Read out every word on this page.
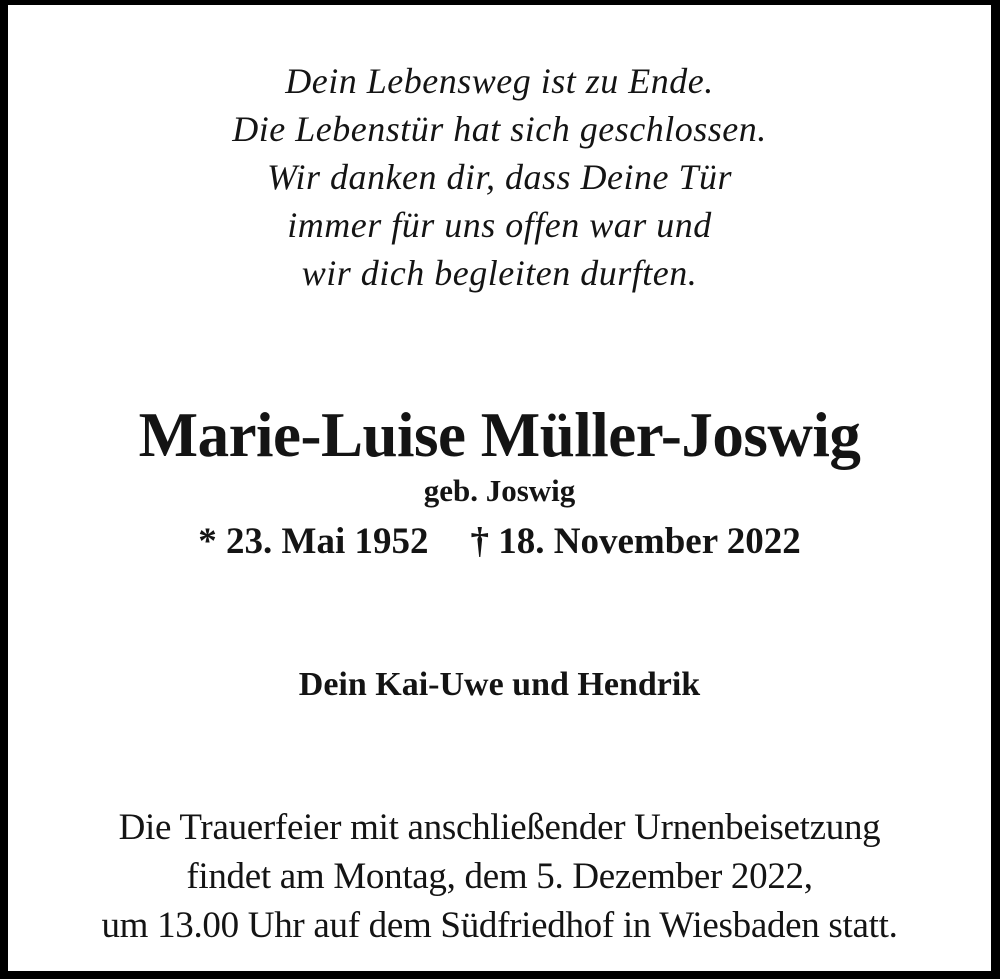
Dein Lebensweg ist zu Ende.
Die Lebenstür hat sich geschlossen.
Wir danken dir, dass Deine Tür
immer für uns offen war und
wir dich begleiten durften.
Marie-Luise Müller-Joswig
geb. Joswig
* 23. Mai 1952 † 18. November 2022
Dein Kai-Uwe und Hendrik
Die Trauerfeier mit anschließender Urnenbeisetzung
findet am Montag, dem 5. Dezember 2022,
um 13.00 Uhr auf dem Südfriedhof in Wiesbaden statt.
